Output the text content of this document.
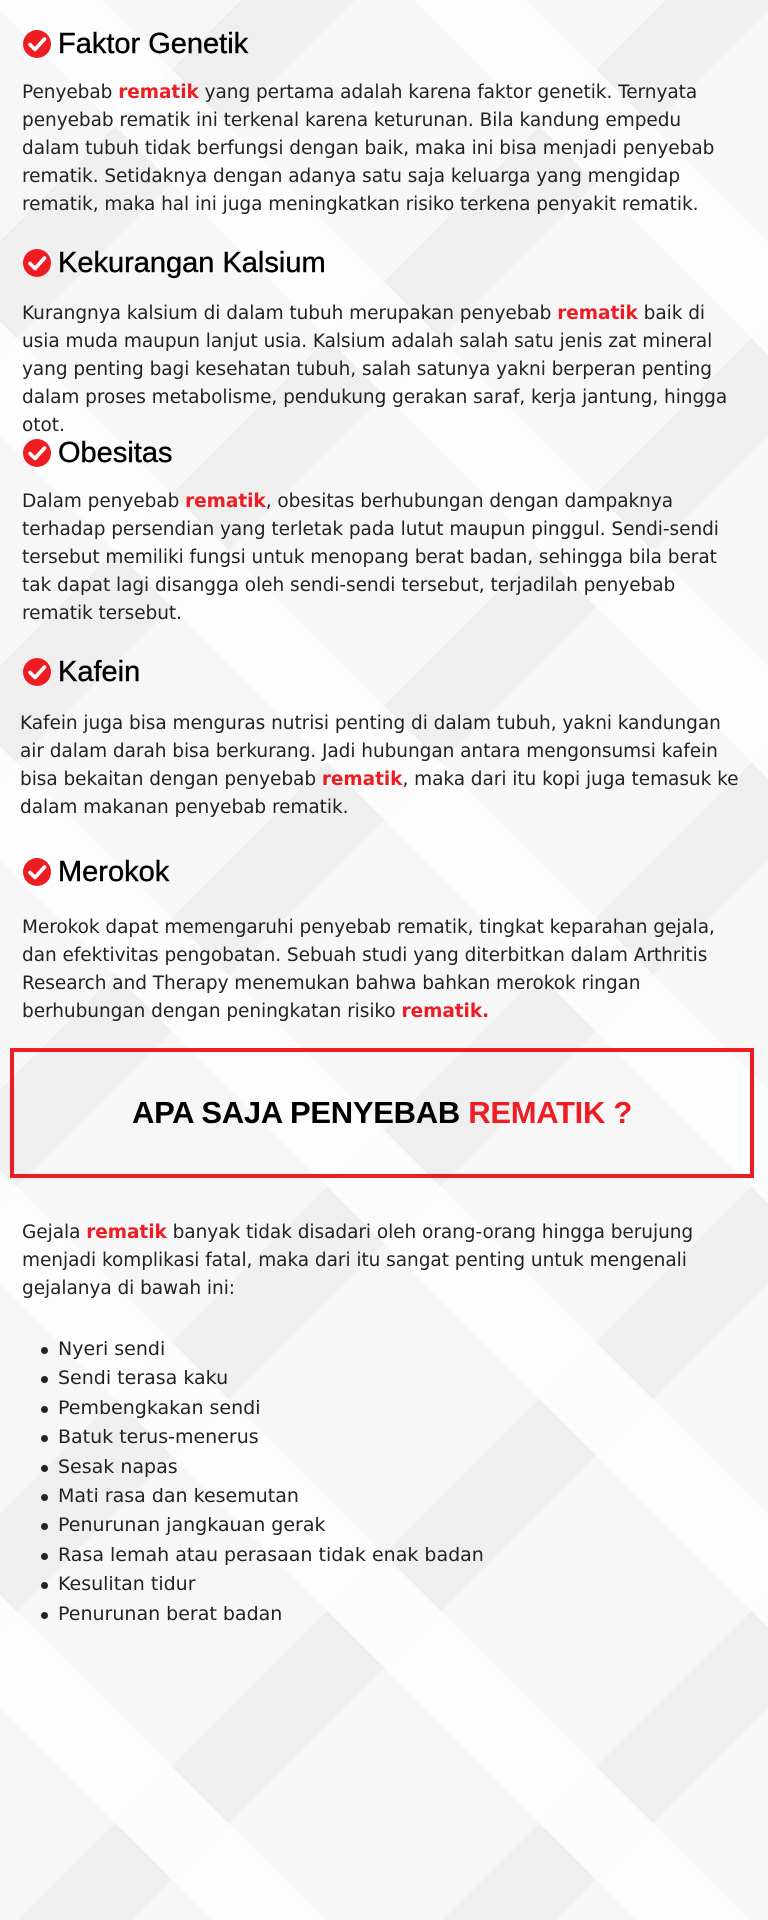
Faktor Genetik

Penyebab rematik yang pertama adalah karena faktor genetik. Ternyata penyebab rematik ini terkenal karena keturunan. Bila kandung empedu dalam tubuh tidak berfungsi dengan baik, maka ini bisa menjadi penyebab rematik. Setidaknya dengan adanya satu saja keluarga yang mengidap rematik, maka hal ini juga meningkatkan risiko terkena penyakit rematik.

Kekurangan Kalsium

Kurangnya kalsium di dalam tubuh merupakan penyebab rematik baik di usia muda maupun lanjut usia. Kalsium adalah salah satu jenis zat mineral yang penting bagi kesehatan tubuh, salah satunya yakni berperan penting dalam proses metabolisme, pendukung gerakan saraf, kerja jantung, hingga otot.

Obesitas

Dalam penyebab rematik, obesitas berhubungan dengan dampaknya terhadap persendian yang terletak pada lutut maupun pinggul. Sendi-sendi tersebut memiliki fungsi untuk menopang berat badan, sehingga bila berat tak dapat lagi disangga oleh sendi-sendi tersebut, terjadilah penyebab rematik tersebut.

Kafein

Kafein juga bisa menguras nutrisi penting di dalam tubuh, yakni kandungan air dalam darah bisa berkurang. Jadi hubungan antara mengonsumsi kafein bisa bekaitan dengan penyebab rematik, maka dari itu kopi juga temasuk ke dalam makanan penyebab rematik.

Merokok

Merokok dapat memengaruhi penyebab rematik, tingkat keparahan gejala, dan efektivitas pengobatan. Sebuah studi yang diterbitkan dalam Arthritis Research and Therapy menemukan bahwa bahkan merokok ringan berhubungan dengan peningkatan risiko rematik.

APA SAJA PENYEBAB REMATIK ?

Gejala rematik banyak tidak disadari oleh orang-orang hingga berujung menjadi komplikasi fatal, maka dari itu sangat penting untuk mengenali gejalanya di bawah ini:

Nyeri sendi
Sendi terasa kaku
Pembengkakan sendi
Batuk terus-menerus
Sesak napas
Mati rasa dan kesemutan
Penurunan jangkauan gerak
Rasa lemah atau perasaan tidak enak badan
Kesulitan tidur
Penurunan berat badan
